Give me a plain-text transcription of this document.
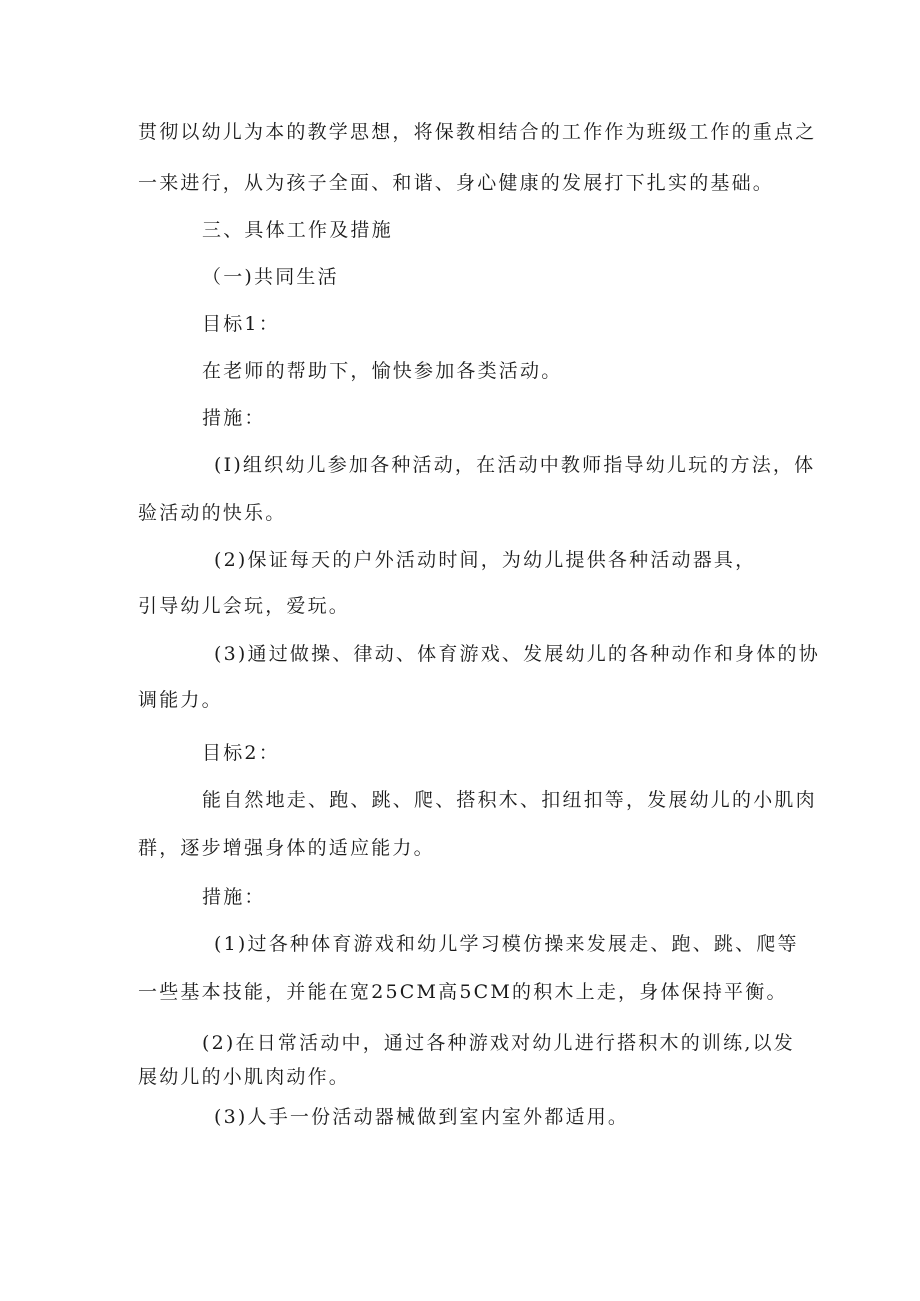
贯彻以幼儿为本的教学思想，将保教相结合的工作作为班级工作的重点之
一来进行，从为孩子全面、和谐、身心健康的发展打下扎实的基础。
三、具体工作及措施
（一)共同生活
目标1：
在老师的帮助下，愉快参加各类活动。
措施：
(I)组织幼儿参加各种活动，在活动中教师指导幼儿玩的方法，体
验活动的快乐。
(2)保证每天的户外活动时间，为幼儿提供各种活动器具，
引导幼儿会玩，爱玩。
(3)通过做操、律动、体育游戏、发展幼儿的各种动作和身体的协
调能力。
目标2：
能自然地走、跑、跳、爬、搭积木、扣纽扣等，发展幼儿的小肌肉
群，逐步增强身体的适应能力。
措施：
(1)过各种体育游戏和幼儿学习模仿操来发展走、跑、跳、爬等
一些基本技能，并能在宽25CM高5CM的积木上走，身体保持平衡。
(2)在日常活动中，通过各种游戏对幼儿进行搭积木的训练,以发
展幼儿的小肌肉动作。
(3)人手一份活动器械做到室内室外都适用。
